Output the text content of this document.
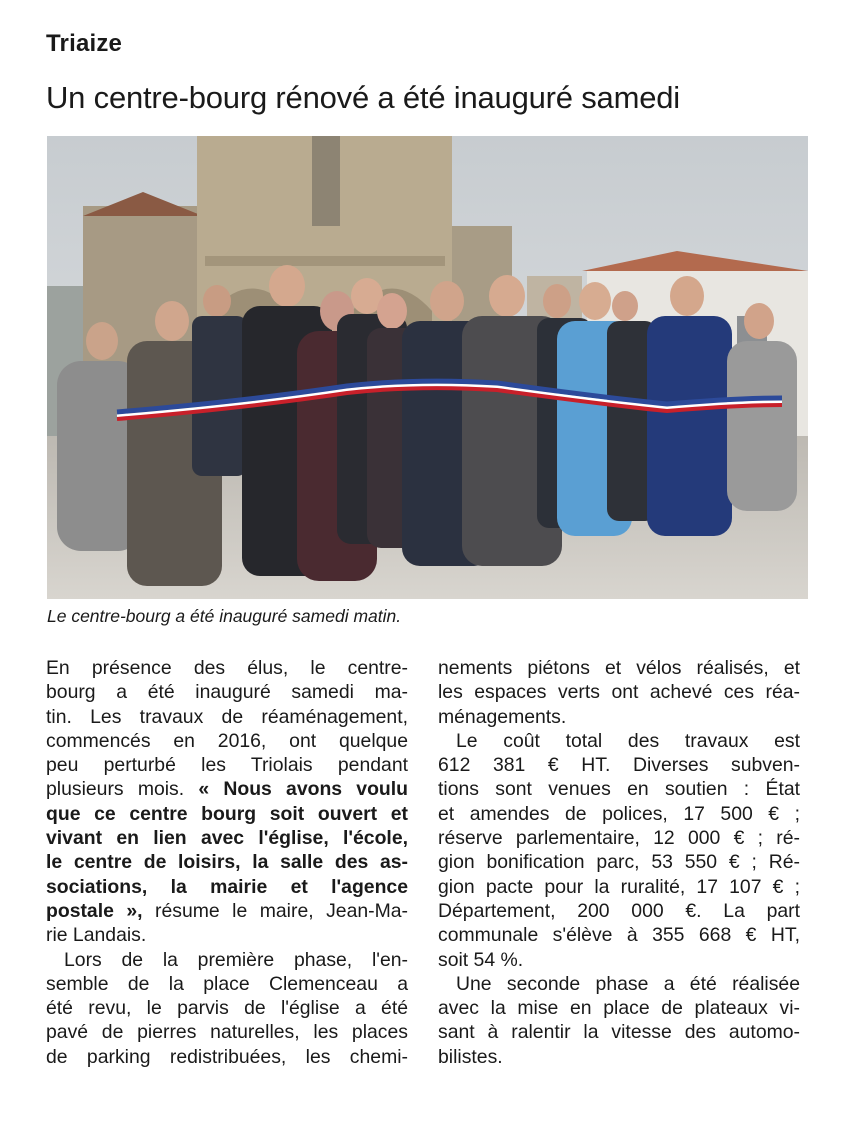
Triaize
Un centre-bourg rénové a été inauguré samedi
Le centre-bourg a été inauguré samedi matin.
En présence des élus, le centre-
bourg a été inauguré samedi ma-
tin. Les travaux de réaménagement,
commencés en 2016, ont quelque
peu perturbé les Triolais pendant
plusieurs mois. « Nous avons voulu
que ce centre bourg soit ouvert et
vivant en lien avec l'église, l'école,
le centre de loisirs, la salle des as-
sociations, la mairie et l'agence
postale », résume le maire, Jean-Ma-
rie Landais.
Lors de la première phase, l'en-
semble de la place Clemenceau a
été revu, le parvis de l'église a été
pavé de pierres naturelles, les places
de parking redistribuées, les chemi-
nements piétons et vélos réalisés, et
les espaces verts ont achevé ces réa-
ménagements.
Le coût total des travaux est
612 381 € HT. Diverses subven-
tions sont venues en soutien : État
et amendes de polices, 17 500 € ;
réserve parlementaire, 12 000 € ; ré-
gion bonification parc, 53 550 € ; Ré-
gion pacte pour la ruralité, 17 107 € ;
Département, 200 000 €. La part
communale s'élève à 355 668 € HT,
soit 54 %.
Une seconde phase a été réalisée
avec la mise en place de plateaux vi-
sant à ralentir la vitesse des automo-
bilistes.
